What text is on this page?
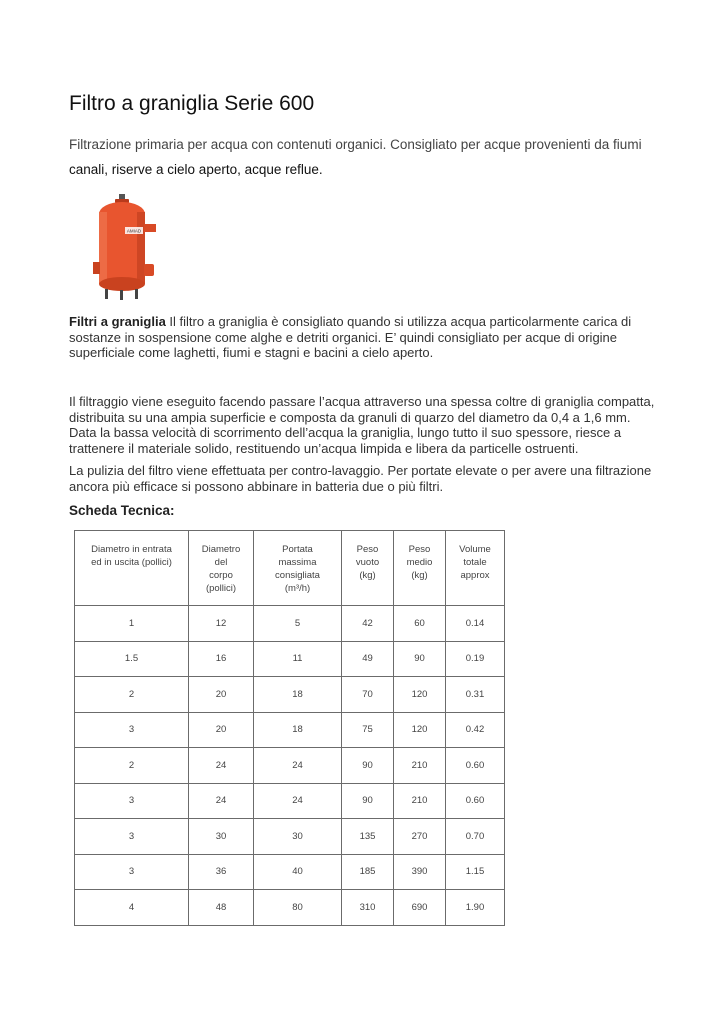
Filtro a graniglia Serie 600
Filtrazione primaria per acqua con contenuti organici. Consigliato per acque provenienti da fiumi
canali, riserve a cielo aperto, acque reflue.
AMIAD

Filtri a graniglia Il filtro a graniglia è consigliato quando si utilizza acqua particolarmente carica di sostanze in sospensione come alghe e detriti organici. E’ quindi consigliato per acque di origine superficiale come laghetti, fiumi e stagni e bacini a cielo aperto.

Il filtraggio viene eseguito facendo passare l’acqua attraverso una spessa coltre di graniglia compatta, distribuita su una ampia superficie e composta da granuli di quarzo del diametro da 0,4 a 1,6 mm. Data la bassa velocità di scorrimento dell’acqua la graniglia, lungo tutto il suo spessore, riesce a trattenere il materiale solido, restituendo un’acqua limpida e libera da particelle ostruenti.

La pulizia del filtro viene effettuata per contro-lavaggio. Per portate elevate o per avere una filtrazione ancora più efficace si possono abbinare in batteria due o più filtri.

Scheda Tecnica:
Diametro in entrata
ed in uscita (pollici)	Diametro
del
corpo
(pollici)	Portata
massima
consigliata
(m³/h)	Peso
vuoto
(kg)	Peso
medio
(kg)	Volume
totale
approx
1	12	5	42	60	0.14
1.5	16	11	49	90	0.19
2	20	18	70	120	0.31
3	20	18	75	120	0.42
2	24	24	90	210	0.60
3	24	24	90	210	0.60
3	30	30	135	270	0.70
3	36	40	185	390	1.15
4	48	80	310	690	1.90
